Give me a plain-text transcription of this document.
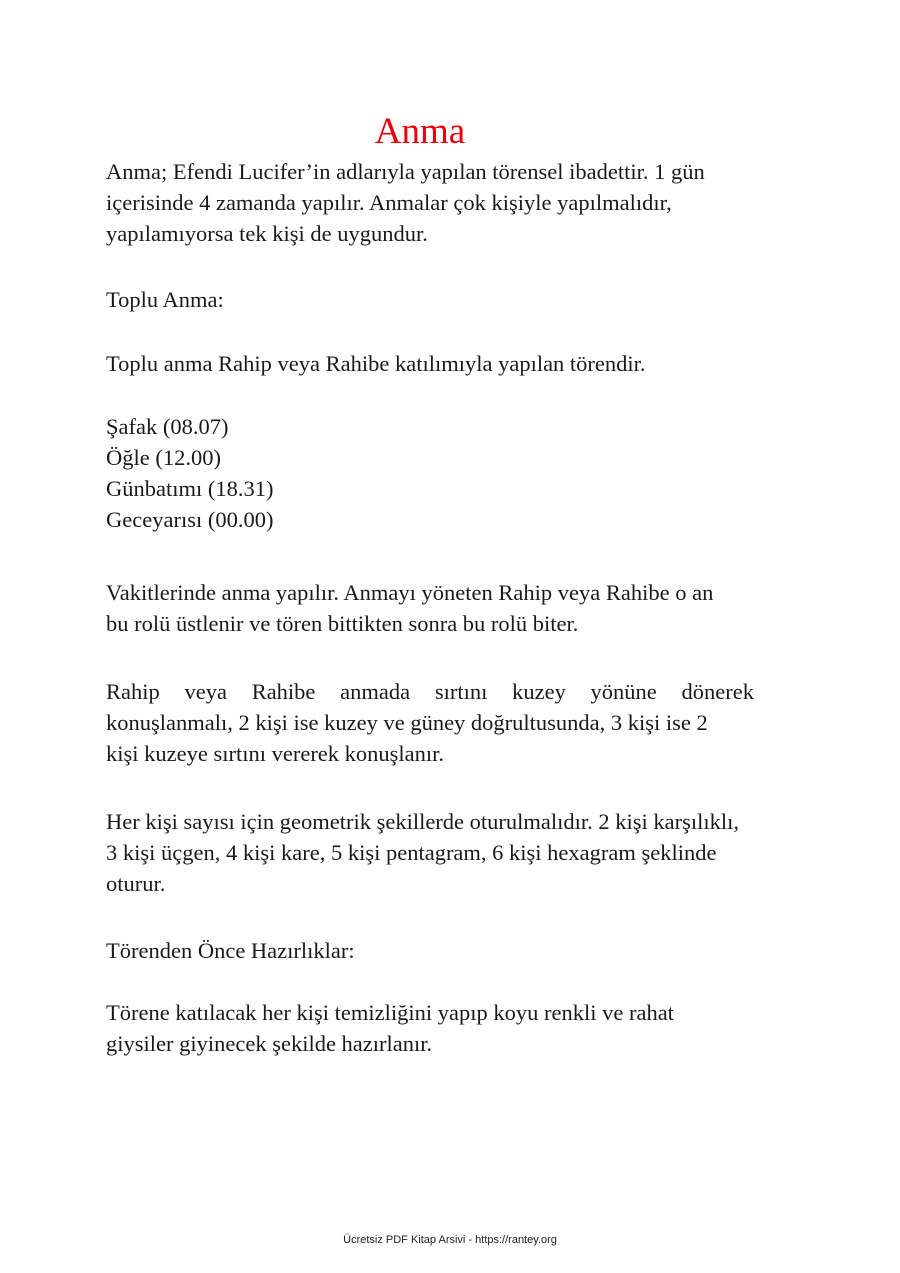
Anma
Anma; Efendi Lucifer’in adlarıyla yapılan törensel ibadettir. 1 gün
içerisinde 4 zamanda yapılır. Anmalar çok kişiyle yapılmalıdır,
yapılamıyorsa tek kişi de uygundur.
Toplu Anma:
Toplu anma Rahip veya Rahibe katılımıyla yapılan törendir.
Şafak (08.07)
Öğle (12.00)
Günbatımı (18.31)
Geceyarısı (00.00)
Vakitlerinde anma yapılır. Anmayı yöneten Rahip veya Rahibe o an
bu rolü üstlenir ve tören bittikten sonra bu rolü biter.
Rahip veya Rahibe anmada sırtını kuzey yönüne dönerek
konuşlanmalı, 2 kişi ise kuzey ve güney doğrultusunda, 3 kişi ise 2
kişi kuzeye sırtını vererek konuşlanır.
Her kişi sayısı için geometrik şekillerde oturulmalıdır. 2 kişi karşılıklı,
3 kişi üçgen, 4 kişi kare, 5 kişi pentagram, 6 kişi hexagram şeklinde
oturur.
Törenden Önce Hazırlıklar:
Törene katılacak her kişi temizliğini yapıp koyu renkli ve rahat
giysiler giyinecek şekilde hazırlanır.
Ücretsiz PDF Kitap Arsivi - https://rantey.org
